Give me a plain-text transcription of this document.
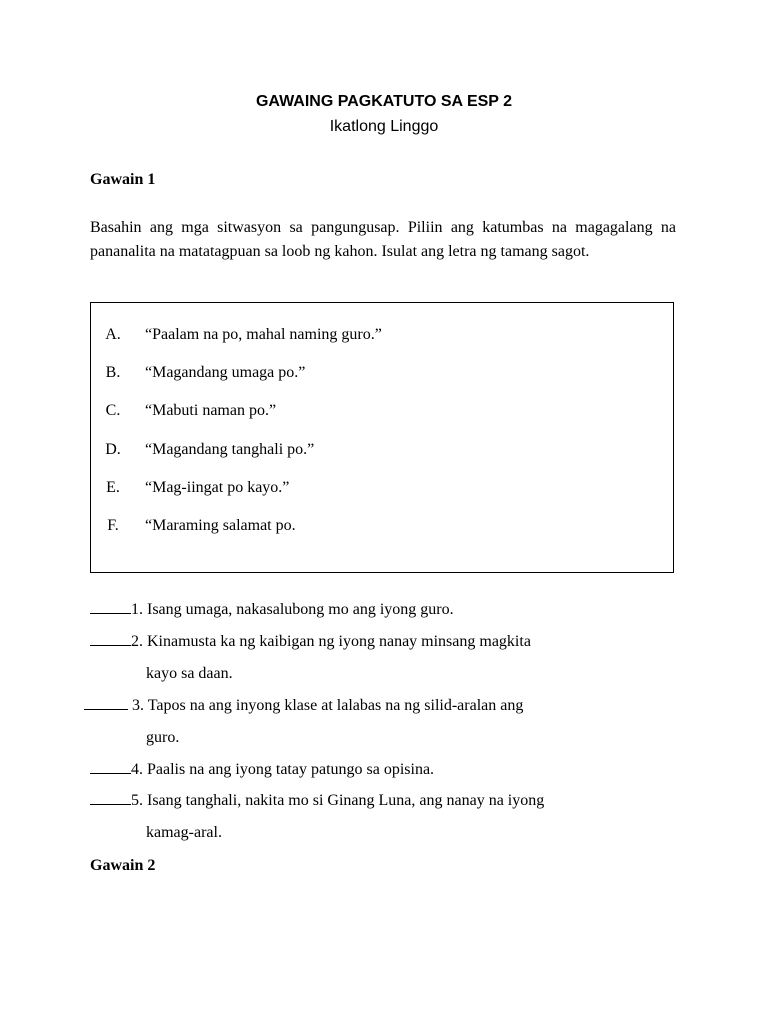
GAWAING PAGKATUTO SA ESP 2
Ikatlong Linggo
Gawain 1
Basahin ang mga sitwasyon sa pangungusap. Piliin ang katumbas na magagalang na pananalita na matatagpuan sa loob ng kahon. Isulat ang letra ng tamang sagot.
A. “Paalam na po, mahal naming guro.”
B. “Magandang umaga po.”
C. “Mabuti naman po.”
D. “Magandang tanghali po.”
E.	“Mag-iingat po kayo.”
F.	“Maraming salamat po.
1. Isang umaga, nakasalubong mo ang iyong guro.
2. Kinamusta ka ng kaibigan ng iyong nanay minsang magkita
kayo sa daan.
3. Tapos na ang inyong klase at lalabas na ng silid-aralan ang
guro.
4. Paalis na ang iyong tatay patungo sa opisina.
5. Isang tanghali, nakita mo si Ginang Luna, ang nanay na iyong
kamag-aral.
Gawain 2
